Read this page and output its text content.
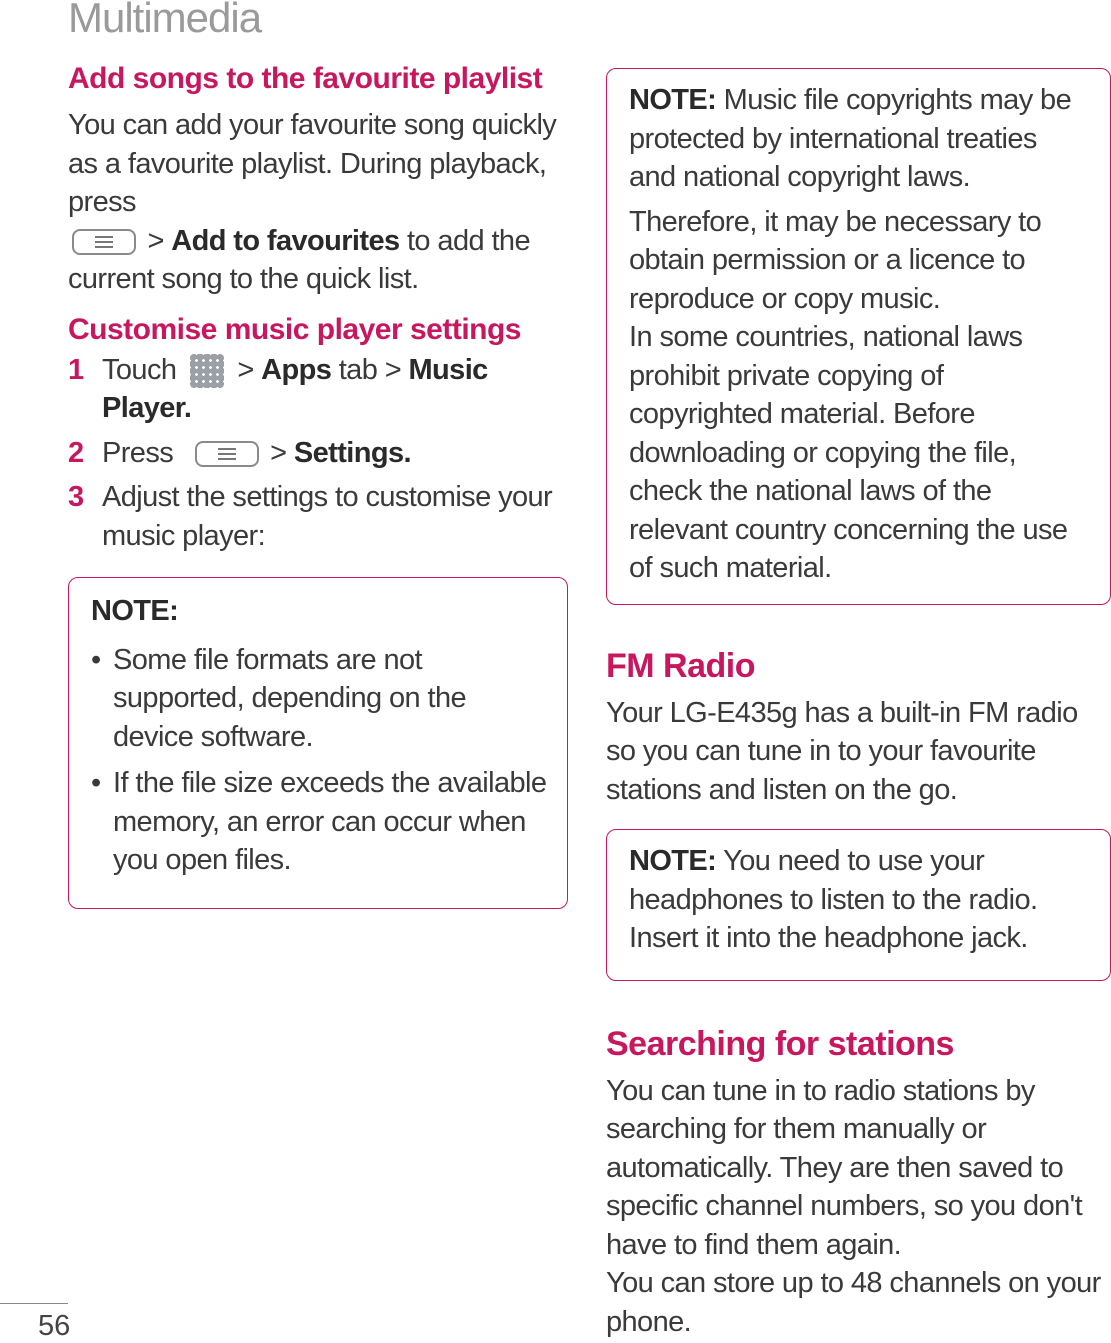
Multimedia
Add songs to the favourite playlist

You can add your favourite song quickly as a favourite playlist. During playback, press
> Add to favourites to add the current song to the quick list.

Customise music player settings
1 Touch > Apps tab > Music Player.
2 Press	> Settings.
3 Adjust the settings to customise your music player:

NOTE:

• Some file formats are not supported, depending on the device software.
• If the file size exceeds the available memory, an error can occur when you open files.

NOTE: Music file copyrights may be protected by international treaties and national copyright laws.

Therefore, it may be necessary to obtain permission or a licence to reproduce or copy music.

In some countries, national laws prohibit private copying of copyrighted material. Before downloading or copying the file, check the national laws of the relevant country concerning the use of such material.

FM Radio

Your LG-E435g has a built-in FM radio so you can tune in to your favourite stations and listen on the go.

NOTE: You need to use your headphones to listen to the radio. Insert it into the headphone jack.

Searching for stations

You can tune in to radio stations by searching for them manually or automatically. They are then saved to specific channel numbers, so you don't have to find them again.

You can store up to 48 channels on your phone.

56
